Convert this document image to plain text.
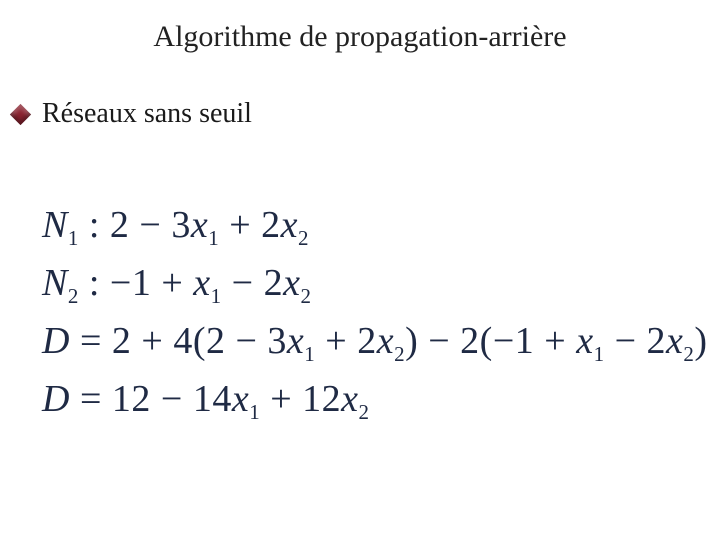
Algorithme de propagation-arrière
Réseaux sans seuil
$N_1$ : $2 - 3x_1 + 2x_2$
$N_2$ : $-1 + x_1 - 2x_2$
$D = 2 + 4(2 - 3x_1 + 2x_2) - 2(-1 + x_1 - 2x_2)$
$D = 12 - 14x_1 + 12x_2$
